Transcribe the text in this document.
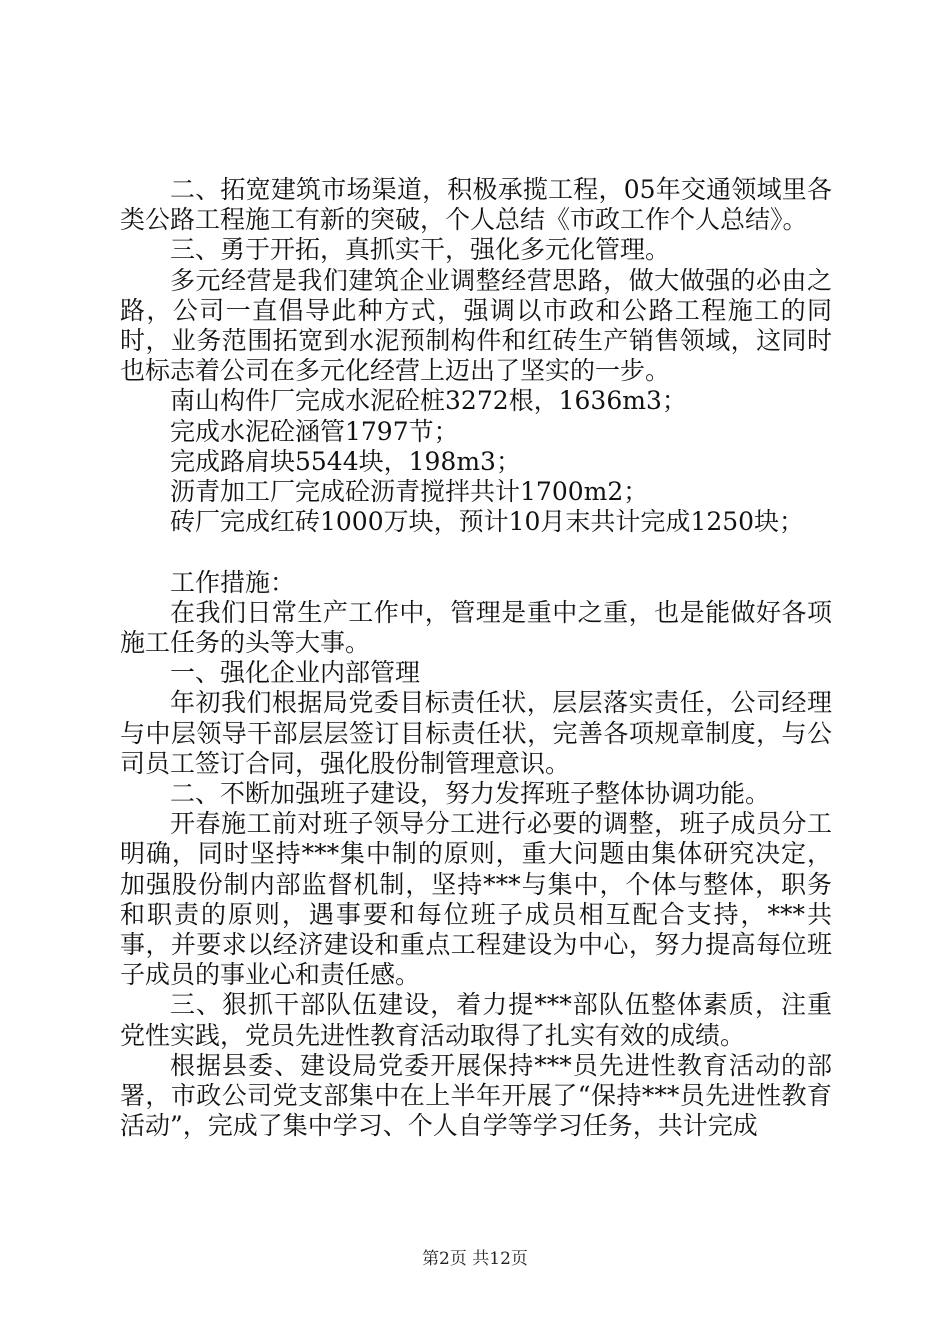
二、拓宽建筑市场渠道，积极承揽工程，05年交通领域里各类公路工程施工有新的突破，个人总结《市政工作个人总结》。

三、勇于开拓，真抓实干，强化多元化管理。

多元经营是我们建筑企业调整经营思路，做大做强的必由之路，公司一直倡导此种方式，强调以市政和公路工程施工的同时，业务范围拓宽到水泥预制构件和红砖生产销售领域，这同时也标志着公司在多元化经营上迈出了坚实的一步。

南山构件厂完成水泥砼桩3272根，1636m3；

完成水泥砼涵管1797节；

完成路肩块5544块，198m3；

沥青加工厂完成砼沥青搅拌共计1700m2；

砖厂完成红砖1000万块，预计10月末共计完成1250块；

工作措施：

在我们日常生产工作中，管理是重中之重，也是能做好各项施工任务的头等大事。

一、强化企业内部管理

年初我们根据局党委目标责任状，层层落实责任，公司经理与中层领导干部层层签订目标责任状，完善各项规章制度，与公司员工签订合同，强化股份制管理意识。

二、不断加强班子建设，努力发挥班子整体协调功能。

开春施工前对班子领导分工进行必要的调整，班子成员分工明确，同时坚持***集中制的原则，重大问题由集体研究决定，加强股份制内部监督机制，坚持***与集中，个体与整体，职务和职责的原则，遇事要和每位班子成员相互配合支持，***共事，并要求以经济建设和重点工程建设为中心，努力提高每位班子成员的事业心和责任感。

三、狠抓干部队伍建设，着力提***部队伍整体素质，注重党性实践，党员先进性教育活动取得了扎实有效的成绩。

根据县委、建设局党委开展保持***员先进性教育活动的部署，市政公司党支部集中在上半年开展了“保持***员先进性教育活动”，完成了集中学习、个人自学等学习任务，共计完成

第2页 共12页
